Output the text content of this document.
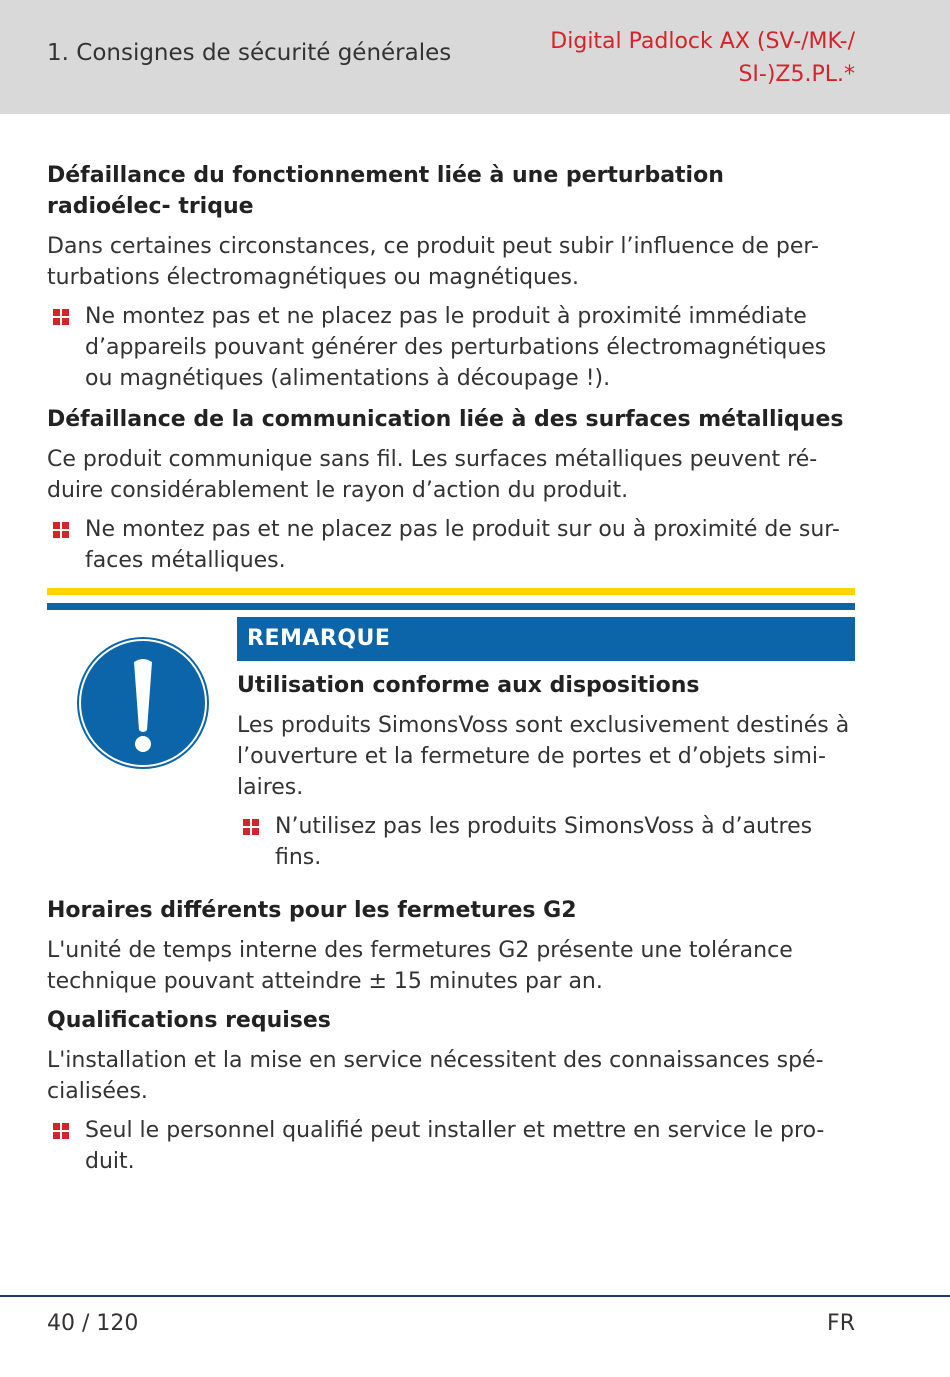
1. Consignes de sécurité générales	Digital Padlock AX (SV-/MK-/
SI-)Z5.PL.*
Défaillance du fonctionnement liée à une perturbation radioélec- trique

Dans certaines circonstances, ce produit peut subir l’influence de per- turbations électromagnétiques ou magnétiques.

Ne montez pas et ne placez pas le produit à proximité immédiate d’appareils pouvant générer des perturbations électromagnétiques ou magnétiques (alimentations à découpage !).
Défaillance de la communication liée à des surfaces métalliques

Ce produit communique sans fil. Les surfaces métalliques peuvent ré- duire considérablement le rayon d’action du produit.

Ne montez pas et ne placez pas le produit sur ou à proximité de sur- faces métalliques.
REMARQUE
Utilisation conforme aux dispositions

Les produits SimonsVoss sont exclusivement destinés à l’ouverture et la fermeture de portes et d’objets simi- laires.

N’utilisez pas les produits SimonsVoss à d’autres fins.
Horaires différents pour les fermetures G2

L'unité de temps interne des fermetures G2 présente une tolérance technique pouvant atteindre ± 15 minutes par an.

Qualifications requises

L'installation et la mise en service nécessitent des connaissances spé- cialisées.

Seul le personnel qualifié peut installer et mettre en service le pro- duit.
40 / 120	FR
